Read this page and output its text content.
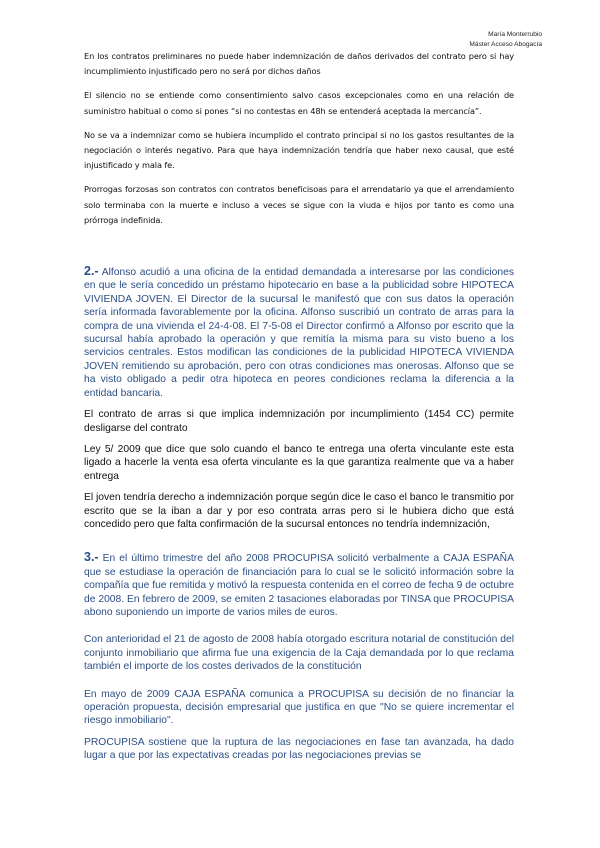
María Monterrubio
Máster Acceso Abogacía

En los contratos preliminares no puede haber indemnización de daños derivados del contrato pero si hay incumplimiento injustificado pero no será por dichos daños

El silencio no se entiende como consentimiento salvo casos excepcionales como en una relación de suministro habitual o como si pones “si no contestas en 48h se entenderá aceptada la mercancía”.

No se va a indemnizar como se hubiera incumplido el contrato principal si no los gastos resultantes de la negociación o interés negativo. Para que haya indemnización tendría que haber nexo causal, que esté injustificado y mala fe.

Prorrogas forzosas son contratos con contratos beneficisoas para el arrendatario ya que el arrendamiento solo terminaba con la muerte e incluso a veces se sigue con la viuda e hijos por tanto es como una prórroga indefinida.

2.- Alfonso acudió a una oficina de la entidad demandada a interesarse por las condiciones en que le sería concedido un préstamo hipotecario en base a la publicidad sobre HIPOTECA VIVIENDA JOVEN. El Director de la sucursal le manifestó que con sus datos la operación sería informada favorablemente por la oficina. Alfonso suscribió un contrato de arras para la compra de una vivienda el 24-4-08. El 7-5-08 el Director confirmó a Alfonso por escrito que la sucursal había aprobado la operación y que remitía la misma para su visto bueno a los servicios centrales. Estos modifican las condiciones de la publicidad HIPOTECA VIVIENDA JOVEN remitiendo su aprobación, pero con otras condiciones mas onerosas. Alfonso que se ha visto obligado a pedir otra hipoteca en peores condiciones reclama la diferencia a la entidad bancaria.

El contrato de arras si que implica indemnización por incumplimiento (1454 CC) permite desligarse del contrato

Ley 5/ 2009 que dice que solo cuando el banco te entrega una oferta vinculante este esta ligado a hacerle la venta esa oferta vinculante es la que garantiza realmente que va a haber entrega

El joven tendría derecho a indemnización porque según dice le caso el banco le transmitio por escrito que se la iban a dar y por eso contrata arras pero si le hubiera dicho que está concedido pero que falta confirmación de la sucursal entonces no tendría indemnización,

3.- En el último trimestre del año 2008 PROCUPISA solicitó verbalmente a CAJA ESPAÑA que se estudiase la operación de financiación para lo cual se le solicitó información sobre la compañía que fue remitida y motivó la respuesta contenida en el correo de fecha 9 de octubre de 2008. En febrero de 2009, se emiten 2 tasaciones elaboradas por TINSA que PROCUPISA abono suponiendo un importe de varios miles de euros.

Con anterioridad el 21 de agosto de 2008 había otorgado escritura notarial de constitución del conjunto inmobiliario que afirma fue una exigencia de la Caja demandada por lo que reclama también el importe de los costes derivados de la constitución

En mayo de 2009 CAJA ESPAÑA comunica a PROCUPISA su decisión de no financiar la operación propuesta, decisión empresarial que justifica en que "No se quiere incrementar el riesgo inmobiliario".

PROCUPISA sostiene que la ruptura de las negociaciones en fase tan avanzada, ha dado lugar a que por las expectativas creadas por las negociaciones previas se
